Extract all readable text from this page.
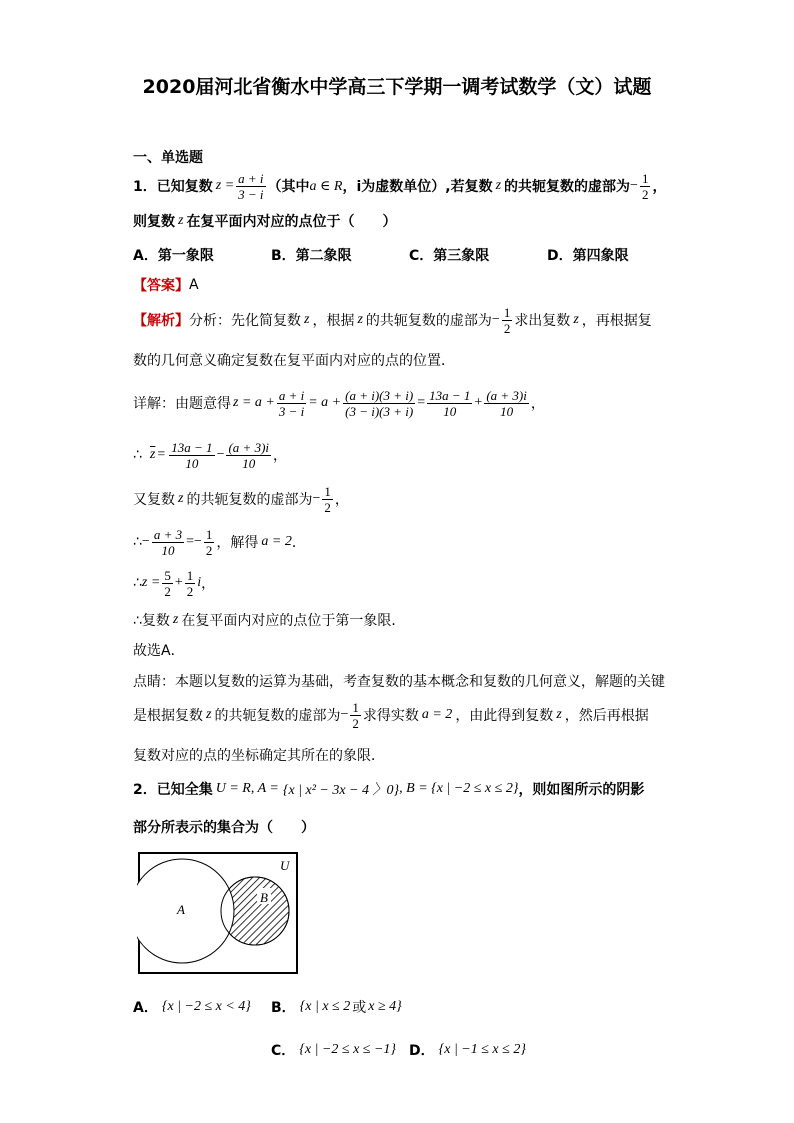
2020届河北省衡水中学高三下学期一调考试数学（文）试题
一、单选题
1．已知复数 $z = \frac{a + i}{3 - i}$ （其中 a ∈ R ，i为虚数单位）,若复数 z 的共轭复数的虚部为 − $\frac{1}{2}$ ，
则复数 z 在复平面内对应的点位于（　　）
A．第一象限	B．第二象限	C．第三象限	D．第四象限
【答案】 A
【解析】 分析：先化简复数 z ，根据 z 的共轭复数的虚部为 − $\frac{1}{2}$ 求出复数 z ，再根据复
数的几何意义确定复数在复平面内对应的点的位置．
详解：由题意得 $z = a + \frac{a + i}{3 - i} = a + \frac{(a + i)(3 + i)}{(3 - i)(3 + i)} = \frac{13a - 1}{10} + \frac{(a + 3)i}{10}$ ，
∴ $\overline{z} = \frac{13a - 1}{10} - \frac{(a + 3)i}{10}$ ，
又复数 z 的共轭复数的虚部为 − $\frac{1}{2}$ ，
∴ − $\frac{a + 3}{10}$ = − $\frac{1}{2}$ ，解得 a = 2 ．
∴ $z = \frac{5}{2} + \frac{1}{2}$ i ，
∴复数 z 在复平面内对应的点位于第一象限．
故选A．
点睛：本题以复数的运算为基础，考查复数的基本概念和复数的几何意义，解题的关键
是根据复数 z 的共轭复数的虚部为 − $\frac{1}{2}$ 求得实数 a = 2 ，由此得到复数 z ，然后再根据
复数对应的点的坐标确定其所在的象限．
2．已知全集 U = R, A = {x | x² − 3x − 4 〉0} , B = {x | −2 ≤ x ≤ 2} ，则如图所示的阴影
部分所表示的集合为（　　）
U
A
B
A． {x | −2 ≤ x < 4} B． {x | x ≤ 2 或 x ≥ 4}
C． {x | −2 ≤ x ≤ −1} D． {x | −1 ≤ x ≤ 2}
